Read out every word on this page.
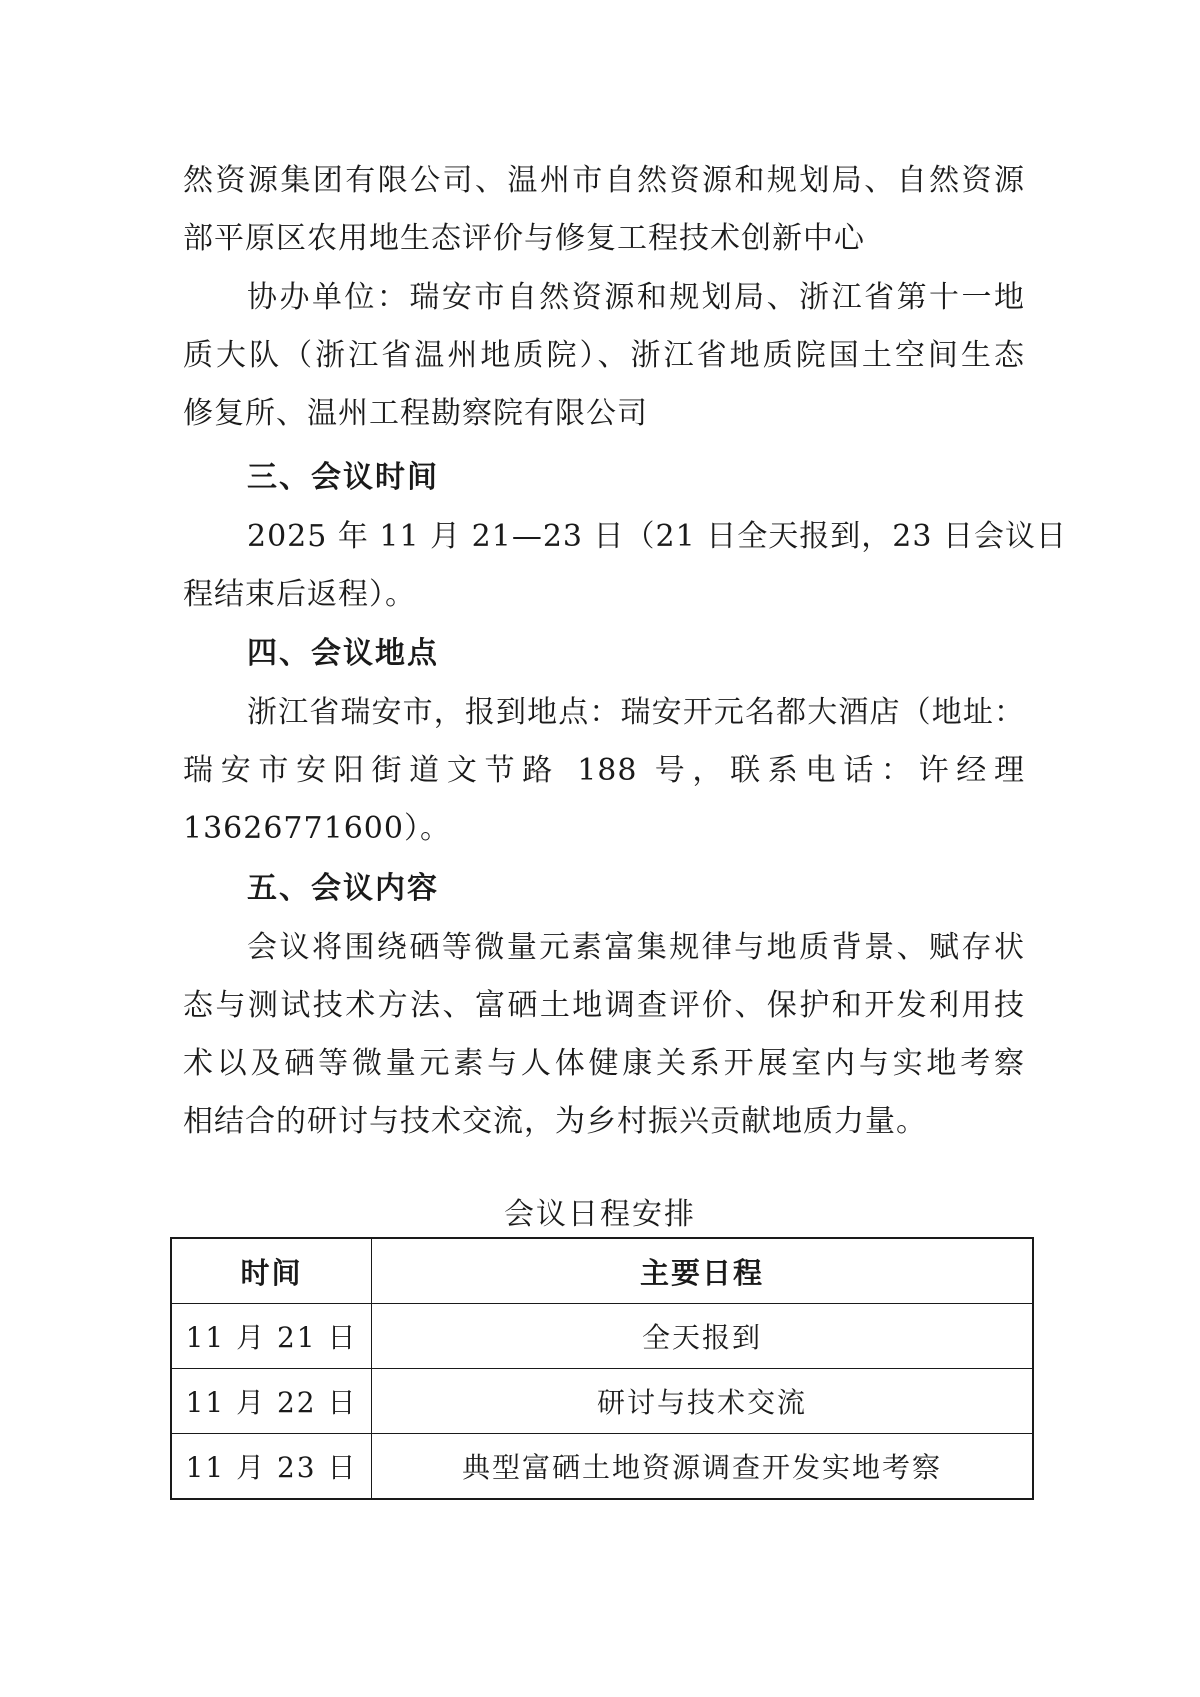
然资源集团有限公司、温州市自然资源和规划局、自然资源
部平原区农用地生态评价与修复工程技术创新中心
协办单位：瑞安市自然资源和规划局、浙江省第十一地
质大队（浙江省温州地质院）、浙江省地质院国土空间生态
修复所、温州工程勘察院有限公司
三、会议时间
2025 年 11 月 21—23 日（21 日全天报到，23 日会议日
程结束后返程）。
四、会议地点
浙江省瑞安市，报到地点：瑞安开元名都大酒店（地址：
瑞安市安阳街道文节路 188 号，联系电话：许经理
13626771600）。
五、会议内容
会议将围绕硒等微量元素富集规律与地质背景、赋存状
态与测试技术方法、富硒土地调查评价、保护和开发利用技
术以及硒等微量元素与人体健康关系开展室内与实地考察
相结合的研讨与技术交流，为乡村振兴贡献地质力量。
会议日程安排
时间	主要日程
11 月 21 日	全天报到
11 月 22 日	研讨与技术交流
11 月 23 日	典型富硒土地资源调查开发实地考察
